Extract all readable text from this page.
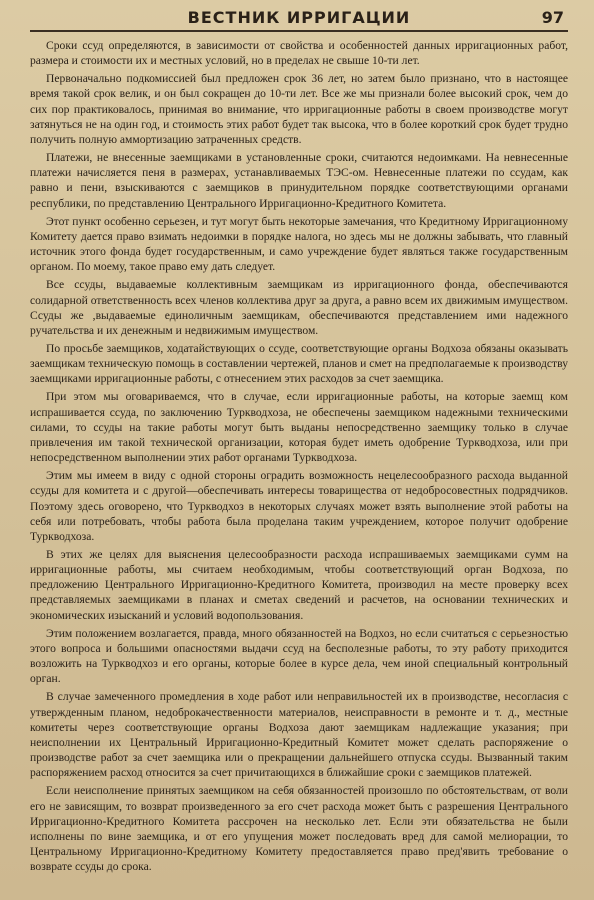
ВЕСТНИК ИРРИГАЦИИ	97

Сроки ссуд определяются, в зависимости от свойства и особенностей данных ирригационных работ, размера и стоимости их и местных условий, но в пределах не свыше 10-ти лет.

Первоначально подкомиссией был предложен срок 36 лет, но затем было признано, что в настоящее время такой срок велик, и он был сокращен до 10-ти лет. Все же мы признали более высокий срок, чем до сих пор практиковалось, принимая во внимание, что ирригационные работы в своем производстве могут затянуться не на один год, и стоимость этих работ будет так высока, что в более короткий срок будет трудно получить полную аммортизацию затраченных средств.

Платежи, не внесенные заемщиками в установленные сроки, считаются недоимками. На невнесенные платежи начисляется пеня в размерах, устанавливаемых ТЭС-ом. Невнесенные платежи по ссудам, как равно и пени, взыскиваются с заемщиков в принудительном порядке соответствующими органами республики, по представлению Центрального Ирригационно-Кредитного Комитета.

Этот пункт особенно серьезен, и тут могут быть некоторые замечания, что Кредитному Ирригационному Комитету дается право взимать недоимки в порядке налога, но здесь мы не должны забывать, что главный источник этого фонда будет государственным, и само учреждение будет являться также государственным органом. По моему, такое право ему дать следует.

Все ссуды, выдаваемые коллективным заемщикам из ирригационного фонда, обеспечиваются солидарной ответственность всех членов коллектива друг за друга, а равно всем их движимым имуществом. Ссуды же ,выдаваемые единоличным заемщикам, обеспечиваются представлением ими надежного ручательства и их денежным и недвижимым имуществом.

По просьбе заемщиков, ходатайствующих о ссуде, соответствующие органы Водхоза обязаны оказывать заемщикам техническую помощь в составлении чертежей, планов и смет на предполагаемые к производству заемщиками ирригационные работы, с отнесением этих расходов за счет заемщика.

При этом мы оговариваемся, что в случае, если ирригационные работы, на которые заемщ ком испрашивается ссуда, по заключению Туркводхоза, не обеспечены заемщиком надежными техническими силами, то ссуды на такие работы могут быть выданы непосредственно заемщику только в случае привлечения им такой технической организации, которая будет иметь одобрение Туркводхоза, или при непосредственном выполнении этих работ органами Туркводхоза.

Этим мы имеем в виду с одной стороны оградить возможность нецелесообразного расхода выданной ссуды для комитета и с другой—обеспечивать интересы товарищества от недобросовестных подрядчиков. Поэтому здесь оговорено, что Туркводхоз в некоторых случаях может взять выполнение этой работы на себя или потребовать, чтобы работа была проделана таким учреждением, которое получит одобрение Туркводхоза.

В этих же целях для выяснения целесообразности расхода испрашиваемых заемщиками сумм на ирригационные работы, мы считаем необходимым, чтобы соответствующий орган Водхоза, по предложению Центрального Ирригационно-Кредитного Комитета, производил на месте проверку всех представляемых заемщиками в планах и сметах сведений и расчетов, на основании технических и экономических изысканий и условий водопользования.

Этим положением возлагается, правда, много обязанностей на Водхоз, но если считаться с серьезностью этого вопроса и большими опасностями выдачи ссуд на бесполезные работы, то эту работу приходится возложить на Туркводхоз и его органы, которые более в курсе дела, чем иной специальный контрольный орган.

В случае замеченного промедления в ходе работ или неправильностей их в производстве, несогласия с утвержденным планом, недоброкачественности материалов, неисправности в ремонте и т. д., местные комитеты через соответствующие органы Водхоза дают заемщикам надлежащие указания; при неисполнении их Центральный Ирригационно-Кредитный Комитет может сделать распоряжение о производстве работ за счет заемщика или о прекращении дальнейшего отпуска ссуды. Вызванный таким распоряжением расход относится за счет причитающихся в ближайшие сроки с заемщиков платежей.

Если неисполнение принятых заемщиком на себя обязанностей произошло по обстоятельствам, от воли его не зависящим, то возврат произведенного за его счет расхода может быть с разрешения Центрального Ирригационно-Кредитного Комитета рассрочен на несколько лет. Если эти обязательства не были исполнены по вине заемщика, и от его упущения может последовать вред для самой мелиорации, то Центральному Ирригационно-Кредитному Комитету предоставляется право пред'явить требование о возврате ссуды до срока.
